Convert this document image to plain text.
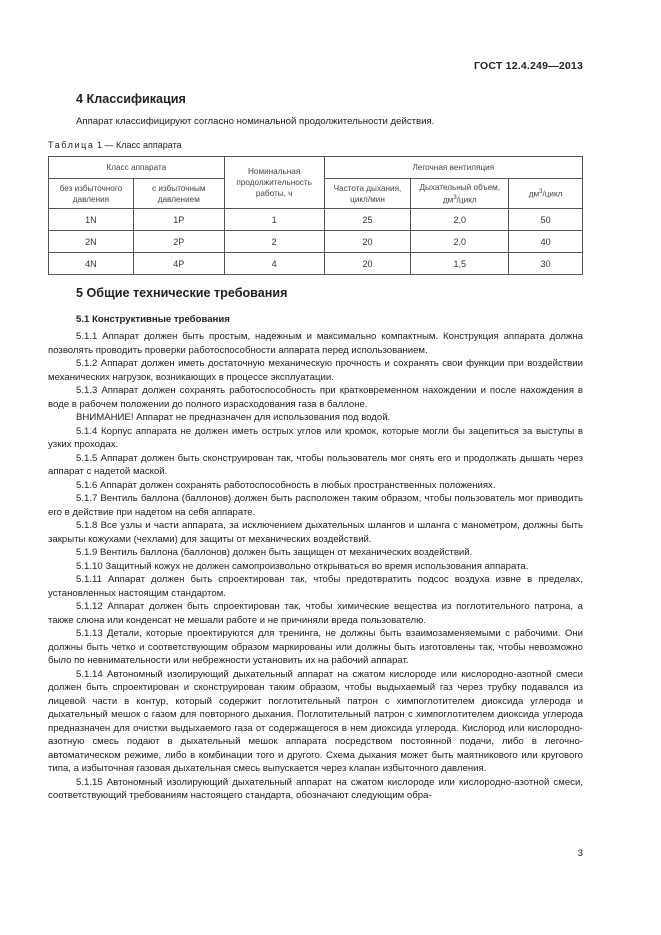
ГОСТ 12.4.249—2013
4 Классификация
Аппарат классифицируют согласно номинальной продолжительности действия.
Таблица 1 — Класс аппарата
Класс аппарата		Номинальная продолжительность работы, ч	Легочная вентиляция		
без избыточного давления	с избыточным давлением		Частота дыхания, цикл/мин	Дыхательный объем, $дм^3$/цикл	$дм^3$/цикл
1N	1P	1	25	2,0	50
2N	2P	2	20	2,0	40
4N	4P	4	20	1,5	30
5 Общие технические требования
5.1 Конструктивные требования

5.1.1 Аппарат должен быть простым, надежным и максимально компактным. Конструкция аппарата должна позволять проводить проверки работоспособности аппарата перед использованием.

5.1.2 Аппарат должен иметь достаточную механическую прочность и сохранять свои функции при воздействии механических нагрузок, возникающих в процессе эксплуатации.

5.1.3 Аппарат должен сохранять работоспособность при кратковременном нахождении и после нахождения в воде в рабочем положении до полного израсходования газа в баллоне.

ВНИМАНИЕ! Аппарат не предназначен для использования под водой.

5.1.4 Корпус аппарата не должен иметь острых углов или кромок, которые могли бы зацепиться за выступы в узких проходах.

5.1.5 Аппарат должен быть сконструирован так, чтобы пользователь мог снять его и продолжать дышать через аппарат с надетой маской.

5.1.6 Аппарат должен сохранять работоспособность в любых пространственных положениях.

5.1.7 Вентиль баллона (баллонов) должен быть расположен таким образом, чтобы пользователь мог приводить его в действие при надетом на себя аппарате.

5.1.8 Все узлы и части аппарата, за исключением дыхательных шлангов и шланга с манометром, должны быть закрыты кожухами (чехлами) для защиты от механических воздействий.

5.1.9 Вентиль баллона (баллонов) должен быть защищен от механических воздействий.

5.1.10 Защитный кожух не должен самопроизвольно открываться во время использования аппарата.

5.1.11 Аппарат должен быть спроектирован так, чтобы предотвратить подсос воздуха извне в пределах, установленных настоящим стандартом.

5.1.12 Аппарат должен быть спроектирован так, чтобы химические вещества из поглотительного патрона, а также слюна или конденсат не мешали работе и не причиняли вреда пользователю.

5.1.13 Детали, которые проектируются для тренинга, не должны быть взаимозаменяемыми с рабочими. Они должны быть четко и соответствующим образом маркированы или должны быть изготовлены так, чтобы невозможно было по невнимательности или небрежности установить их на рабочий аппарат.

5.1.14 Автономный изолирующий дыхательный аппарат на сжатом кислороде или кислородно-азотной смеси должен быть спроектирован и сконструирован таким образом, чтобы выдыхаемый газ через трубку подавался из лицевой части в контур, который содержит поглотительный патрон с химпоглотителем диоксида углерода и дыхательный мешок с газом для повторного дыхания. Поглотительный патрон с химпоглотителем диоксида углерода предназначен для очистки выдыхаемого газа от содержащегося в нем диоксида углерода. Кислород или кислородно-азотную смесь подают в дыхательный мешок аппарата посредством постоянной подачи, либо в легочно-автоматическом режиме, либо в комбинации того и другого. Схема дыхания может быть маятникового или кругового типа, а избыточная газовая дыхательная смесь выпускается через клапан избыточного давления.

5.1.15 Автономный изолирующий дыхательный аппарат на сжатом кислороде или кислородно-азотной смеси, соответствующий требованиям настоящего стандарта, обозначают следующим обра-

3
